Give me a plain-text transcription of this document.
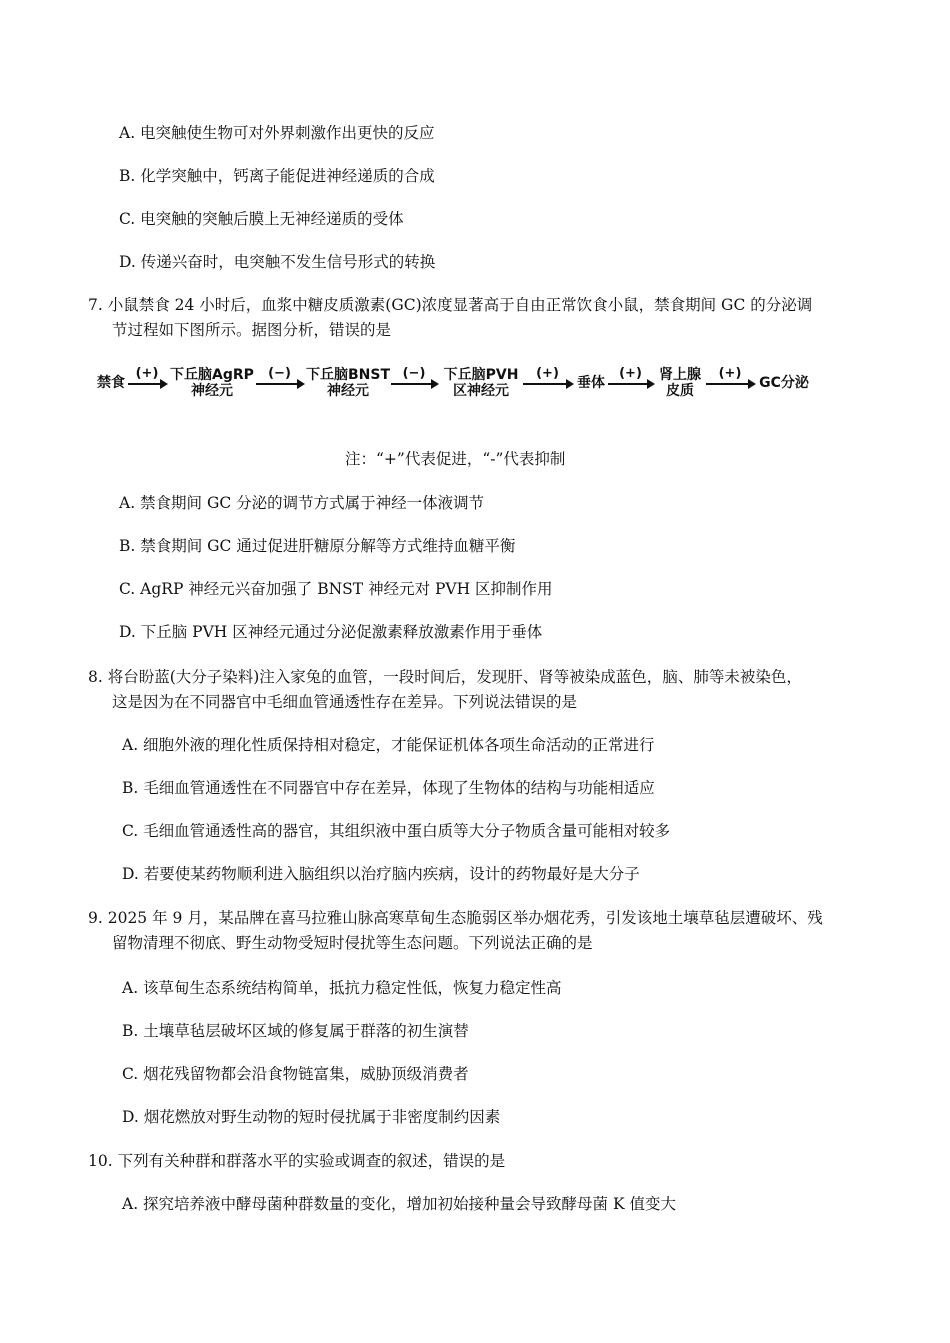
A. 电突触使生物可对外界刺激作出更快的反应
B. 化学突触中，钙离子能促进神经递质的合成
C. 电突触的突触后膜上无神经递质的受体
D. 传递兴奋时，电突触不发生信号形式的转换
7. 小鼠禁食 24 小时后，血浆中糖皮质激素(GC)浓度显著高于自由正常饮食小鼠，禁食期间 GC 的分泌调
节过程如下图所示。据图分析，错误的是
禁食	下丘脑AgRP
神经元
下丘脑BNST
神经元
下丘脑PVH
区神经元	垂体	肾上腺
皮质	GC分泌
(+)	(−)	(−)	(+)	(+)	(+)
注：“+”代表促进，“-”代表抑制
A. 禁食期间 GC 分泌的调节方式属于神经一体液调节
B. 禁食期间 GC 通过促进肝糖原分解等方式维持血糖平衡
C. AgRP 神经元兴奋加强了 BNST 神经元对 PVH 区抑制作用
D. 下丘脑 PVH 区神经元通过分泌促激素释放激素作用于垂体
8. 将台盼蓝(大分子染料)注入家兔的血管，一段时间后，发现肝、肾等被染成蓝色，脑、肺等未被染色，
这是因为在不同器官中毛细血管通透性存在差异。下列说法错误的是
A. 细胞外液的理化性质保持相对稳定，才能保证机体各项生命活动的正常进行
B. 毛细血管通透性在不同器官中存在差异，体现了生物体的结构与功能相适应
C. 毛细血管通透性高的器官，其组织液中蛋白质等大分子物质含量可能相对较多
D. 若要使某药物顺利进入脑组织以治疗脑内疾病，设计的药物最好是大分子
9. 2025 年 9 月，某品牌在喜马拉雅山脉高寒草甸生态脆弱区举办烟花秀，引发该地土壤草毡层遭破坏、残
留物清理不彻底、野生动物受短时侵扰等生态问题。下列说法正确的是
A. 该草甸生态系统结构简单，抵抗力稳定性低，恢复力稳定性高
B. 土壤草毡层破坏区域的修复属于群落的初生演替
C. 烟花残留物都会沿食物链富集，威胁顶级消费者
D. 烟花燃放对野生动物的短时侵扰属于非密度制约因素
10. 下列有关种群和群落水平的实验或调查的叙述，错误的是
A. 探究培养液中酵母菌种群数量的变化，增加初始接种量会导致酵母菌 K 值变大
